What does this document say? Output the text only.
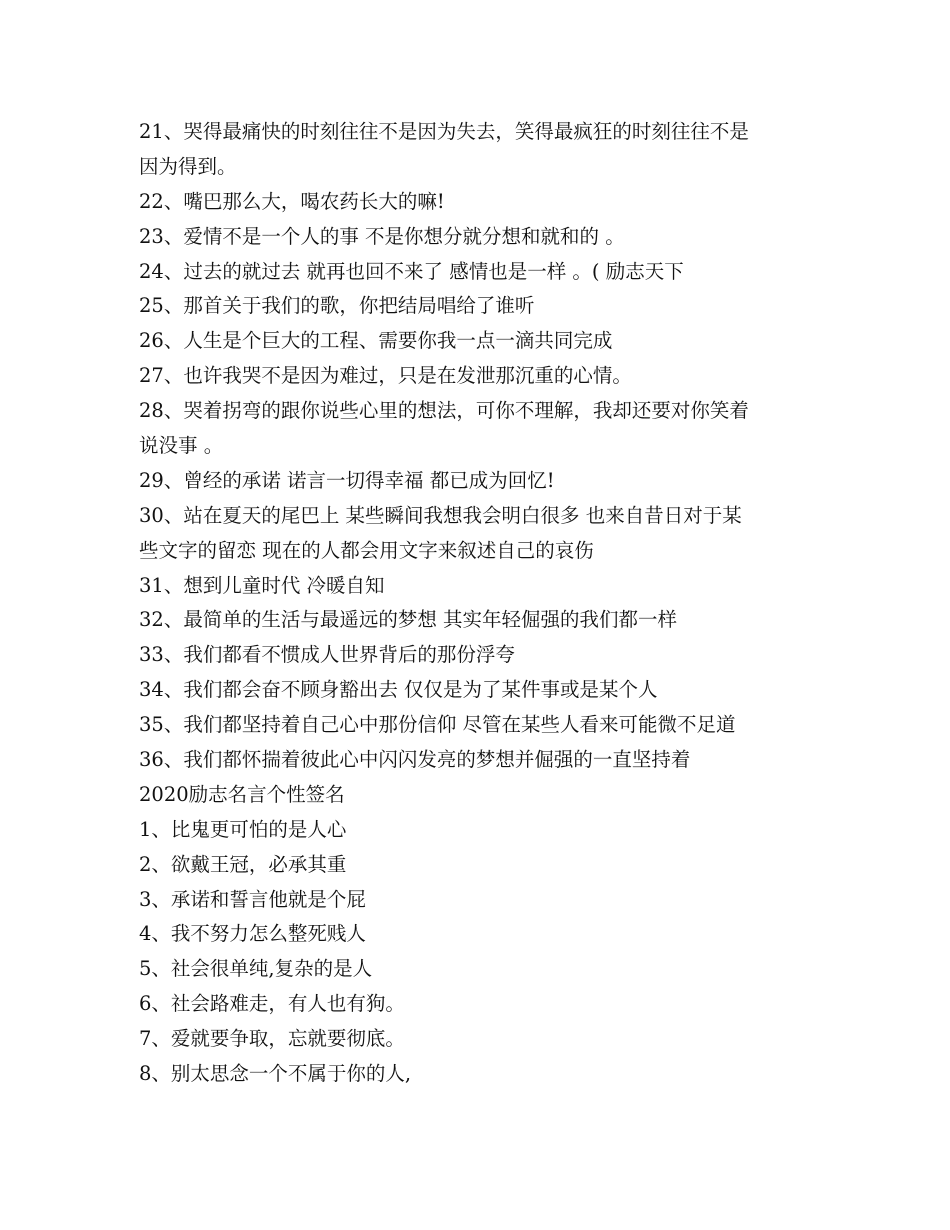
21、哭得最痛快的时刻往往不是因为失去，笑得最疯狂的时刻往往不是
因为得到。
22、嘴巴那么大，喝农药长大的嘛!
23、爱情不是一个人的事 不是你想分就分想和就和的 。
24、过去的就过去 就再也回不来了 感情也是一样 。( 励志天下
25、那首关于我们的歌，你把结局唱给了谁听
26、人生是个巨大的工程、需要你我一点一滴共同完成
27、也许我哭不是因为难过，只是在发泄那沉重的心情。
28、哭着拐弯的跟你说些心里的想法，可你不理解，我却还要对你笑着
说没事 。
29、曾经的承诺 诺言一切得幸福 都已成为回忆!
30、站在夏天的尾巴上 某些瞬间我想我会明白很多 也来自昔日对于某
些文字的留恋 现在的人都会用文字来叙述自己的哀伤
31、想到儿童时代 冷暖自知
32、最简单的生活与最遥远的梦想 其实年轻倔强的我们都一样
33、我们都看不惯成人世界背后的那份浮夸
34、我们都会奋不顾身豁出去 仅仅是为了某件事或是某个人
35、我们都坚持着自己心中那份信仰 尽管在某些人看来可能微不足道
36、我们都怀揣着彼此心中闪闪发亮的梦想并倔强的一直坚持着
2020励志名言个性签名
1、比鬼更可怕的是人心
2、欲戴王冠，必承其重
3、承诺和誓言他就是个屁
4、我不努力怎么整死贱人
5、社会很单纯,复杂的是人
6、社会路难走，有人也有狗。
7、爱就要争取，忘就要彻底。
8、别太思念一个不属于你的人,
